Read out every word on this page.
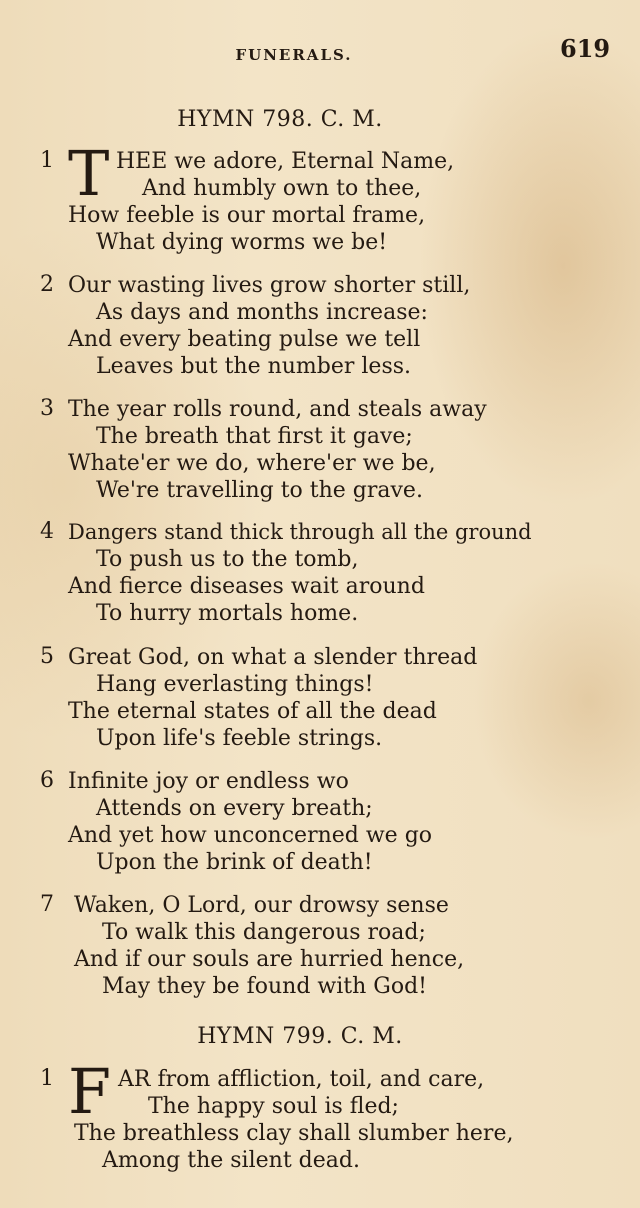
FUNERALS.	619
HYMN 798. C. M.
1 T HEE we adore, Eternal Name,
And humbly own to thee,
How feeble is our mortal frame,
What dying worms we be!
2 Our wasting lives grow shorter still,
As days and months increase:
And every beating pulse we tell
Leaves but the number less.
3 The year rolls round, and steals away
The breath that first it gave;
Whate'er we do, where'er we be,
We're travelling to the grave.
4 Dangers stand thick through all the ground
To push us to the tomb,
And fierce diseases wait around
To hurry mortals home.
5 Great God, on what a slender thread
Hang everlasting things!
The eternal states of all the dead
Upon life's feeble strings.
6 Infinite joy or endless wo
Attends on every breath;
And yet how unconcerned we go
Upon the brink of death!
7 Waken, O Lord, our drowsy sense
To walk this dangerous road;
And if our souls are hurried hence,
May they be found with God!
HYMN 799. C. M.
1 F AR from affliction, toil, and care,
The happy soul is fled;
The breathless clay shall slumber here,
Among the silent dead.
